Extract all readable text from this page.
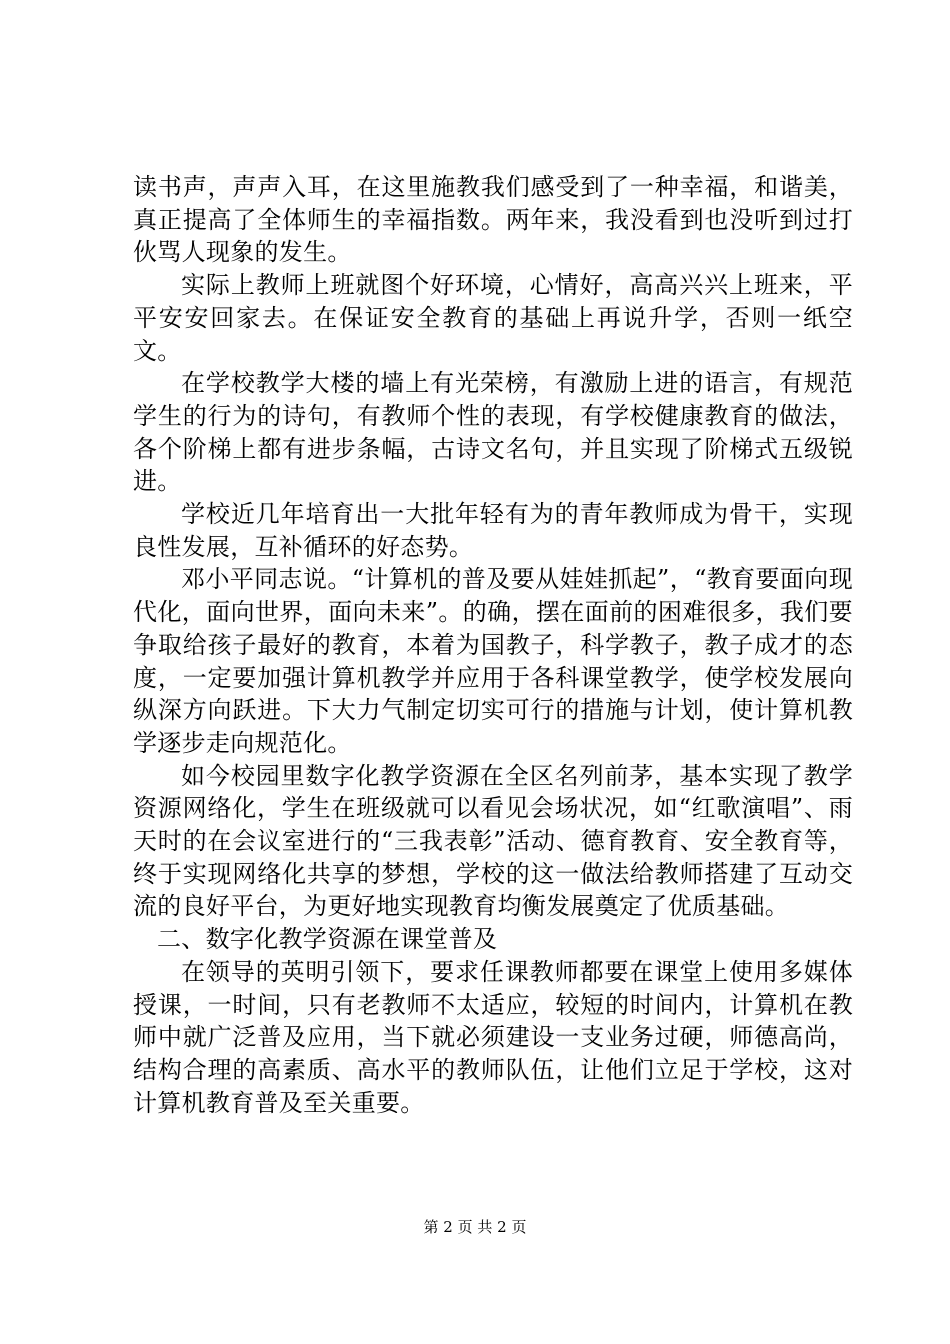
读书声，声声入耳，在这里施教我们感受到了一种幸福，和谐美，真正提高了全体师生的幸福指数。两年来，我没看到也没听到过打伙骂人现象的发生。

实际上教师上班就图个好环境，心情好，高高兴兴上班来，平平安安回家去。在保证安全教育的基础上再说升学，否则一纸空文。

在学校教学大楼的墙上有光荣榜，有激励上进的语言，有规范学生的行为的诗句，有教师个性的表现，有学校健康教育的做法，各个阶梯上都有进步条幅，古诗文名句，并且实现了阶梯式五级锐进。

学校近几年培育出一大批年轻有为的青年教师成为骨干，实现良性发展，互补循环的好态势。

邓小平同志说。“计算机的普及要从娃娃抓起”，“教育要面向现代化，面向世界，面向未来”。的确，摆在面前的困难很多，我们要争取给孩子最好的教育，本着为国教子，科学教子，教子成才的态度，一定要加强计算机教学并应用于各科课堂教学，使学校发展向纵深方向跃进。下大力气制定切实可行的措施与计划，使计算机教学逐步走向规范化。

如今校园里数字化教学资源在全区名列前茅，基本实现了教学资源网络化，学生在班级就可以看见会场状况，如“红歌演唱”、雨天时的在会议室进行的“三我表彰”活动、德育教育、安全教育等，终于实现网络化共享的梦想，学校的这一做法给教师搭建了互动交流的良好平台，为更好地实现教育均衡发展奠定了优质基础。

二、数字化教学资源在课堂普及

在领导的英明引领下，要求任课教师都要在课堂上使用多媒体授课，一时间，只有老教师不太适应，较短的时间内，计算机在教师中就广泛普及应用，当下就必须建设一支业务过硬，师德高尚，结构合理的高素质、高水平的教师队伍，让他们立足于学校，这对计算机教育普及至关重要。

第 2 页 共 2 页
